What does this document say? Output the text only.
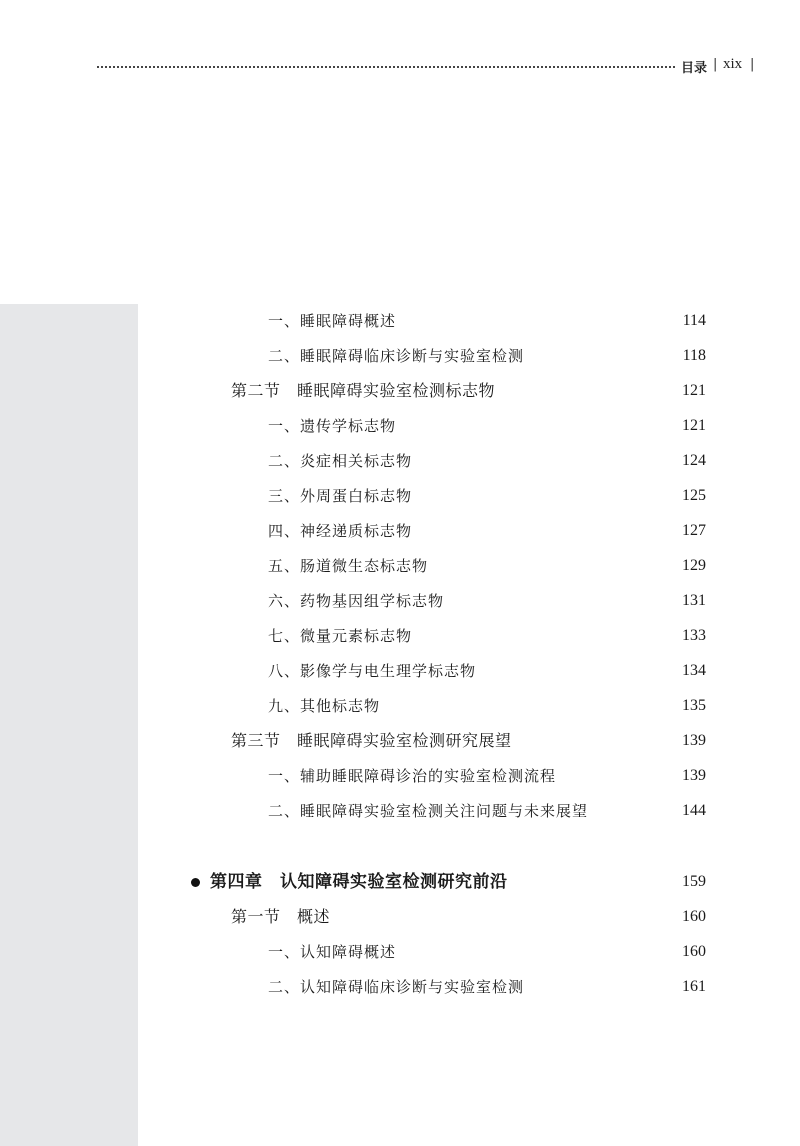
目录 | xix |
一、睡眠障碍概述	114
二、睡眠障碍临床诊断与实验室检测	118
第二节　睡眠障碍实验室检测标志物	121
一、遗传学标志物	121
二、炎症相关标志物	124
三、外周蛋白标志物	125
四、神经递质标志物	127
五、肠道微生态标志物	129
六、药物基因组学标志物	131
七、微量元素标志物	133
八、影像学与电生理学标志物	134
九、其他标志物	135
第三节　睡眠障碍实验室检测研究展望	139
一、辅助睡眠障碍诊治的实验室检测流程	139
二、睡眠障碍实验室检测关注问题与未来展望	144
第四章　认知障碍实验室检测研究前沿	159
第一节　概述	160
一、认知障碍概述	160
二、认知障碍临床诊断与实验室检测	161
